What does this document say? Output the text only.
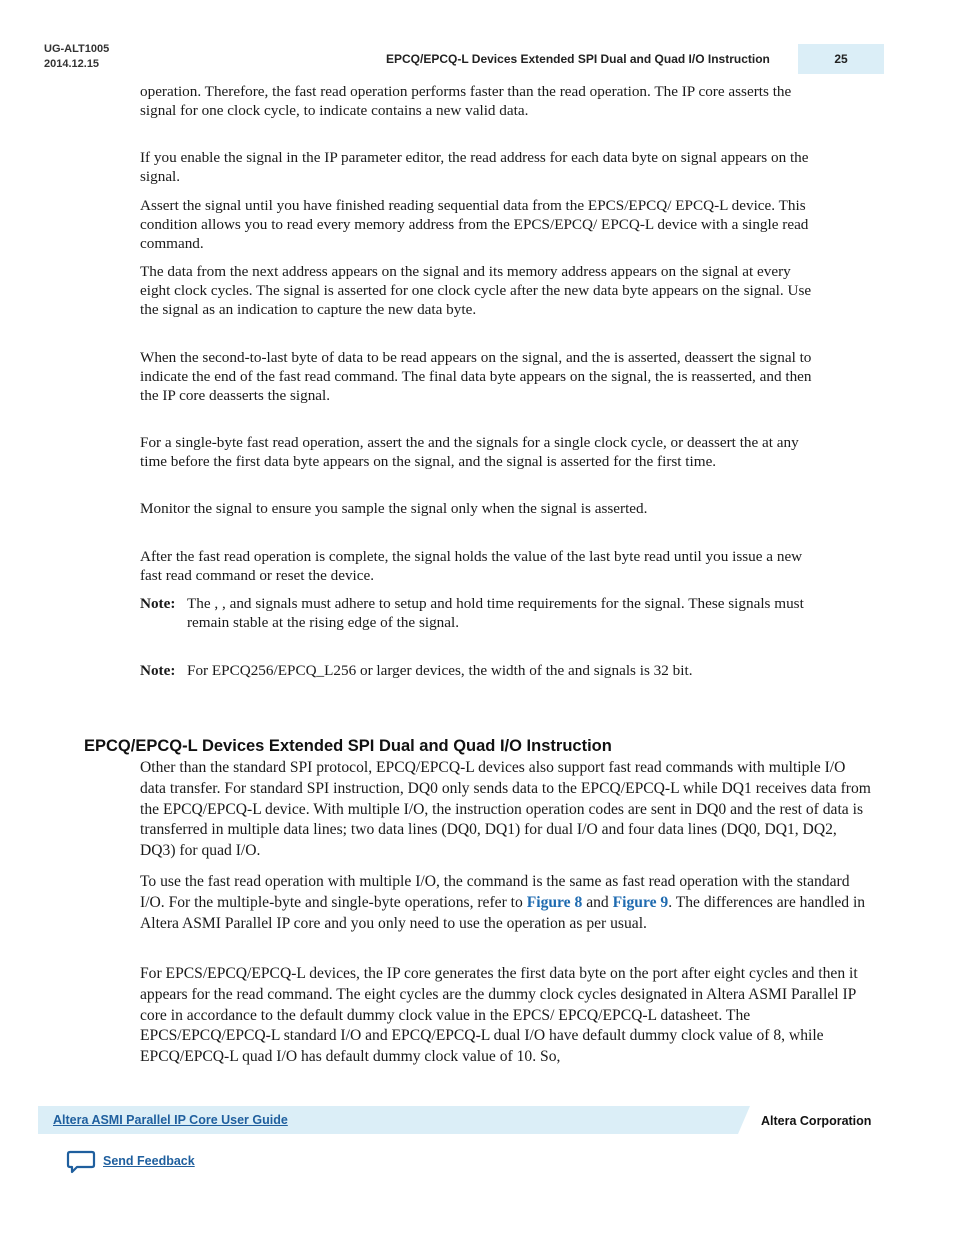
UG-ALT1005
2014.12.15	EPCQ/EPCQ-L Devices Extended SPI Dual and Quad I/O Instruction	25

operation. Therefore, the fast read operation performs faster than the read operation. The IP core asserts the signal for one clock cycle, to indicate contains a new valid data.

If you enable the signal in the IP parameter editor, the read address for each data byte on signal appears on the signal.

Assert the signal until you have finished reading sequential data from the EPCS/EPCQ/ EPCQ-L device. This condition allows you to read every memory address from the EPCS/EPCQ/ EPCQ-L device with a single read command.

The data from the next address appears on the signal and its memory address appears on the signal at every eight clock cycles. The signal is asserted for one clock cycle after the new data byte appears on the signal. Use the signal as an indication to capture the new data byte.

When the second-to-last byte of data to be read appears on the signal, and the is asserted, deassert the signal to indicate the end of the fast read command. The final data byte appears on the signal, the is reasserted, and then the IP core deasserts the signal.

For a single-byte fast read operation, assert the and the signals for a single clock cycle, or deassert the at any time before the first data byte appears on the signal, and the signal is asserted for the first time.

Monitor the signal to ensure you sample the signal only when the signal is asserted.

After the fast read operation is complete, the signal holds the value of the last byte read until you issue a new fast read command or reset the device.

Note: The , , and signals must adhere to setup and hold time requirements for the signal. These signals must remain stable at the rising edge of the signal.

Note: For EPCQ256/EPCQ_L256 or larger devices, the width of the and signals is 32 bit.

EPCQ/EPCQ-L Devices Extended SPI Dual and Quad I/O Instruction

Other than the standard SPI protocol, EPCQ/EPCQ-L devices also support fast read commands with multiple I/O data transfer. For standard SPI instruction, DQ0 only sends data to the EPCQ/EPCQ-L while DQ1 receives data from the EPCQ/EPCQ-L device. With multiple I/O, the instruction operation codes are sent in DQ0 and the rest of data is transferred in multiple data lines; two data lines (DQ0, DQ1) for dual I/O and four data lines (DQ0, DQ1, DQ2, DQ3) for quad I/O.

To use the fast read operation with multiple I/O, the command is the same as fast read operation with the standard I/O. For the multiple-byte and single-byte operations, refer to Figure 8 and Figure 9. The differences are handled in Altera ASMI Parallel IP core and you only need to use the operation as per usual.

For EPCS/EPCQ/EPCQ-L devices, the IP core generates the first data byte on the port after eight cycles and then it appears for the read command. The eight cycles are the dummy clock cycles designated in Altera ASMI Parallel IP core in accordance to the default dummy clock value in the EPCS/ EPCQ/EPCQ-L datasheet. The EPCS/EPCQ/EPCQ-L standard I/O and EPCQ/EPCQ-L dual I/O have default dummy clock value of 8, while EPCQ/EPCQ-L quad I/O has default dummy clock value of 10. So,

Altera ASMI Parallel IP Core User Guide	Altera Corporation
Send Feedback
